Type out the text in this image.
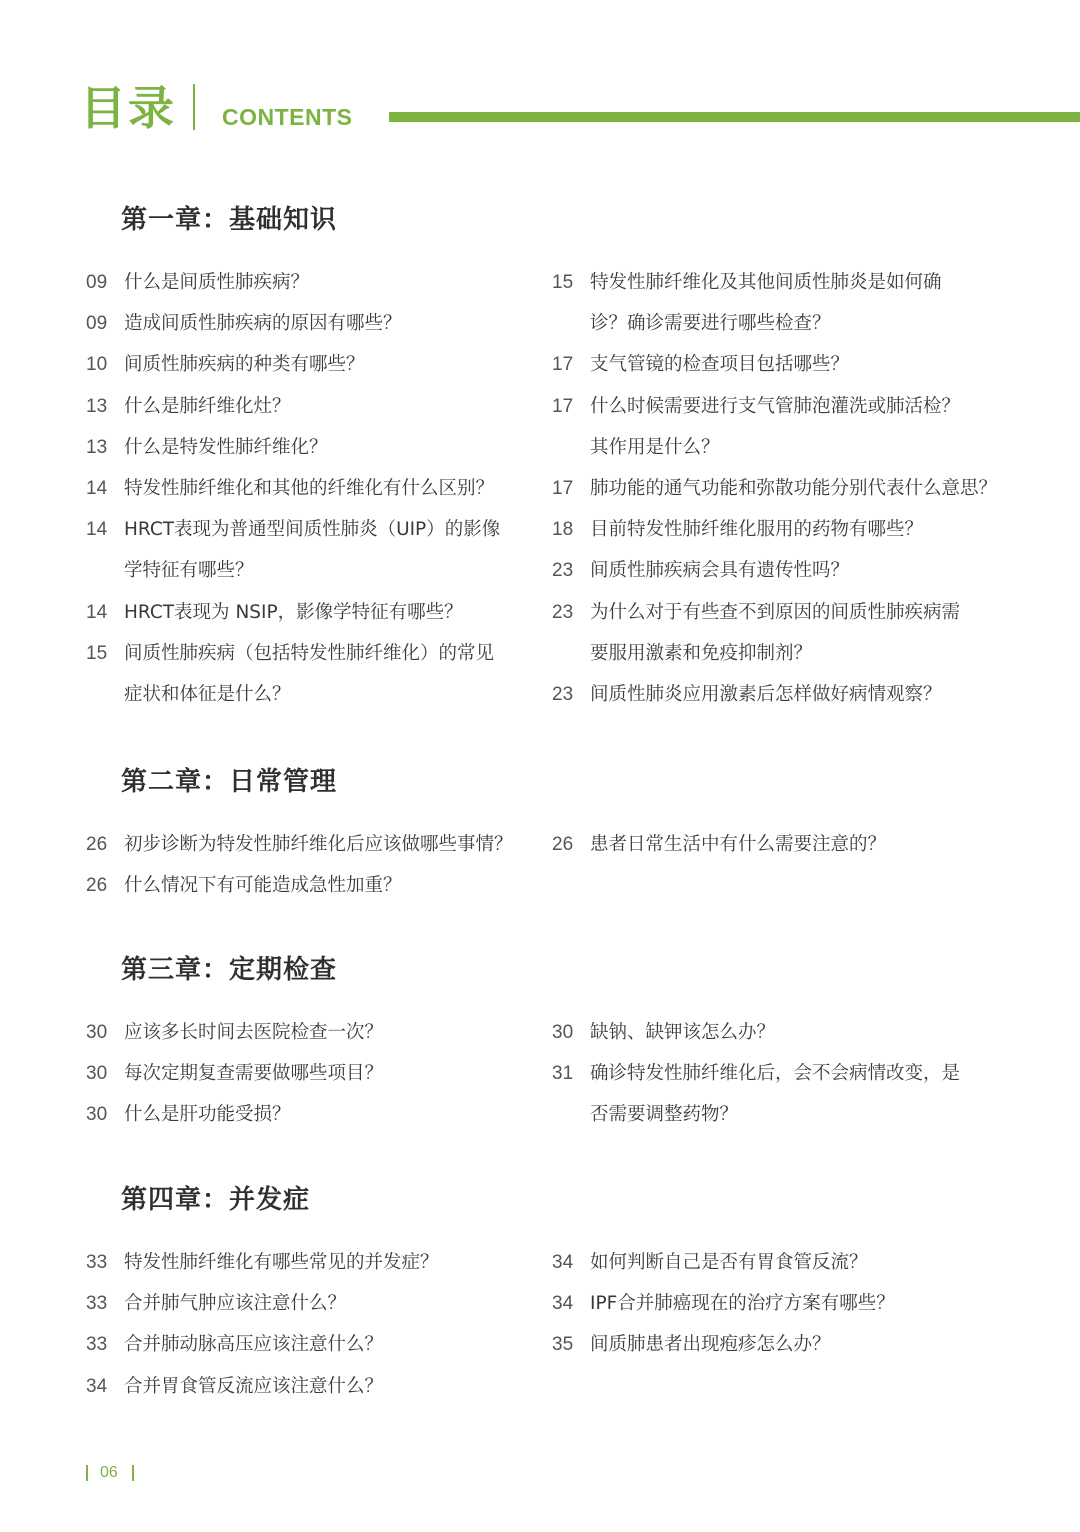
目录 CONTENTS
第一章：基础知识
09 什么是间质性肺疾病？
09 造成间质性肺疾病的原因有哪些？
10 间质性肺疾病的种类有哪些？
13 什么是肺纤维化灶？
13 什么是特发性肺纤维化？
14 特发性肺纤维化和其他的纤维化有什么区别？
14 HRCT表现为普通型间质性肺炎（UIP）的影像
学特征有哪些？
14 HRCT表现为 NSIP，影像学特征有哪些？
15 间质性肺疾病（包括特发性肺纤维化）的常见
症状和体征是什么？
15 特发性肺纤维化及其他间质性肺炎是如何确
诊？确诊需要进行哪些检查？
17 支气管镜的检查项目包括哪些？
17 什么时候需要进行支气管肺泡灌洗或肺活检？
其作用是什么？
17 肺功能的通气功能和弥散功能分别代表什么意思？
18 目前特发性肺纤维化服用的药物有哪些？
23 间质性肺疾病会具有遗传性吗？
23 为什么对于有些查不到原因的间质性肺疾病需
要服用激素和免疫抑制剂？
23 间质性肺炎应用激素后怎样做好病情观察？
第二章：日常管理
26 初步诊断为特发性肺纤维化后应该做哪些事情？
26 什么情况下有可能造成急性加重？
26 患者日常生活中有什么需要注意的？
第三章：定期检查
30 应该多长时间去医院检查一次？
30 每次定期复查需要做哪些项目？
30 什么是肝功能受损？
30 缺钠、缺钾该怎么办？
31 确诊特发性肺纤维化后，会不会病情改变，是
否需要调整药物？
第四章：并发症
33 特发性肺纤维化有哪些常见的并发症？
33 合并肺气肿应该注意什么？
33 合并肺动脉高压应该注意什么？
34 合并胃食管反流应该注意什么？
34 如何判断自己是否有胃食管反流？
34 IPF合并肺癌现在的治疗方案有哪些？
35 间质肺患者出现疱疹怎么办？
06
